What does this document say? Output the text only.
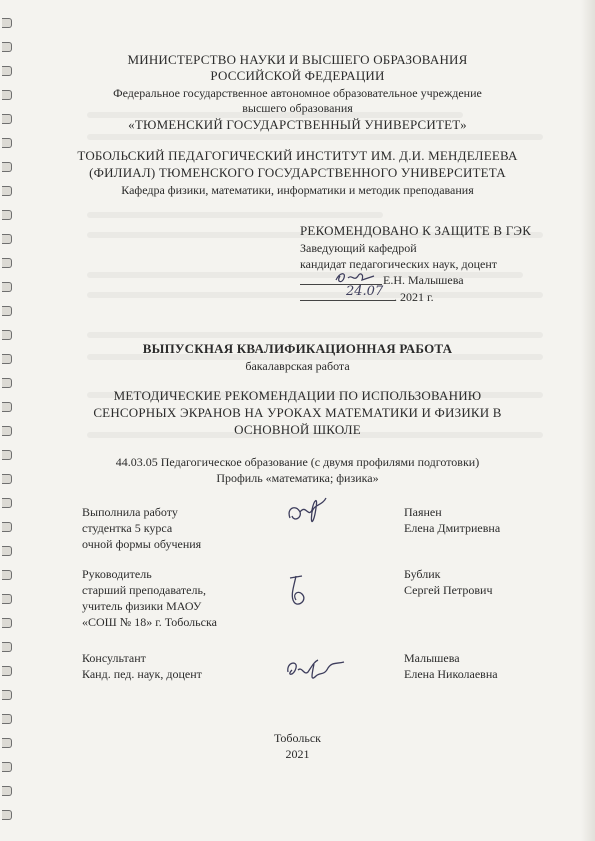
МИНИСТЕРСТВО НАУКИ И ВЫСШЕГО ОБРАЗОВАНИЯ
РОССИЙСКОЙ ФЕДЕРАЦИИ
Федеральное государственное автономное образовательное учреждение
высшего образования
«ТЮМЕНСКИЙ ГОСУДАРСТВЕННЫЙ УНИВЕРСИТЕТ»
ТОБОЛЬСКИЙ ПЕДАГОГИЧЕСКИЙ ИНСТИТУТ ИМ. Д.И. МЕНДЕЛЕЕВА
(ФИЛИАЛ) ТЮМЕНСКОГО ГОСУДАРСТВЕННОГО УНИВЕРСИТЕТА
Кафедра физики, математики, информатики и методик преподавания
РЕКОМЕНДОВАНО К ЗАЩИТЕ В ГЭК
Заведующий кафедрой
кандидат педагогических наук, доцент
Е.Н. Малышева
24.07 . 2021 г.
ВЫПУСКНАЯ КВАЛИФИКАЦИОННАЯ РАБОТА
бакалаврская работа
МЕТОДИЧЕСКИЕ РЕКОМЕНДАЦИИ ПО ИСПОЛЬЗОВАНИЮ
СЕНСОРНЫХ ЭКРАНОВ НА УРОКАХ МАТЕМАТИКИ И ФИЗИКИ В
ОСНОВНОЙ ШКОЛЕ
44.03.05 Педагогическое образование (с двумя профилями подготовки)
Профиль «математика; физика»
Выполнила работу
студентка 5 курса
очной формы обучения
Паянен
Елена Дмитриевна
Руководитель
старший преподаватель,
учитель физики МАОУ
«СОШ № 18» г. Тобольска
Бублик
Сергей Петрович
Консультант
Канд. пед. наук, доцент
Малышева
Елена Николаевна
Тобольск
2021
